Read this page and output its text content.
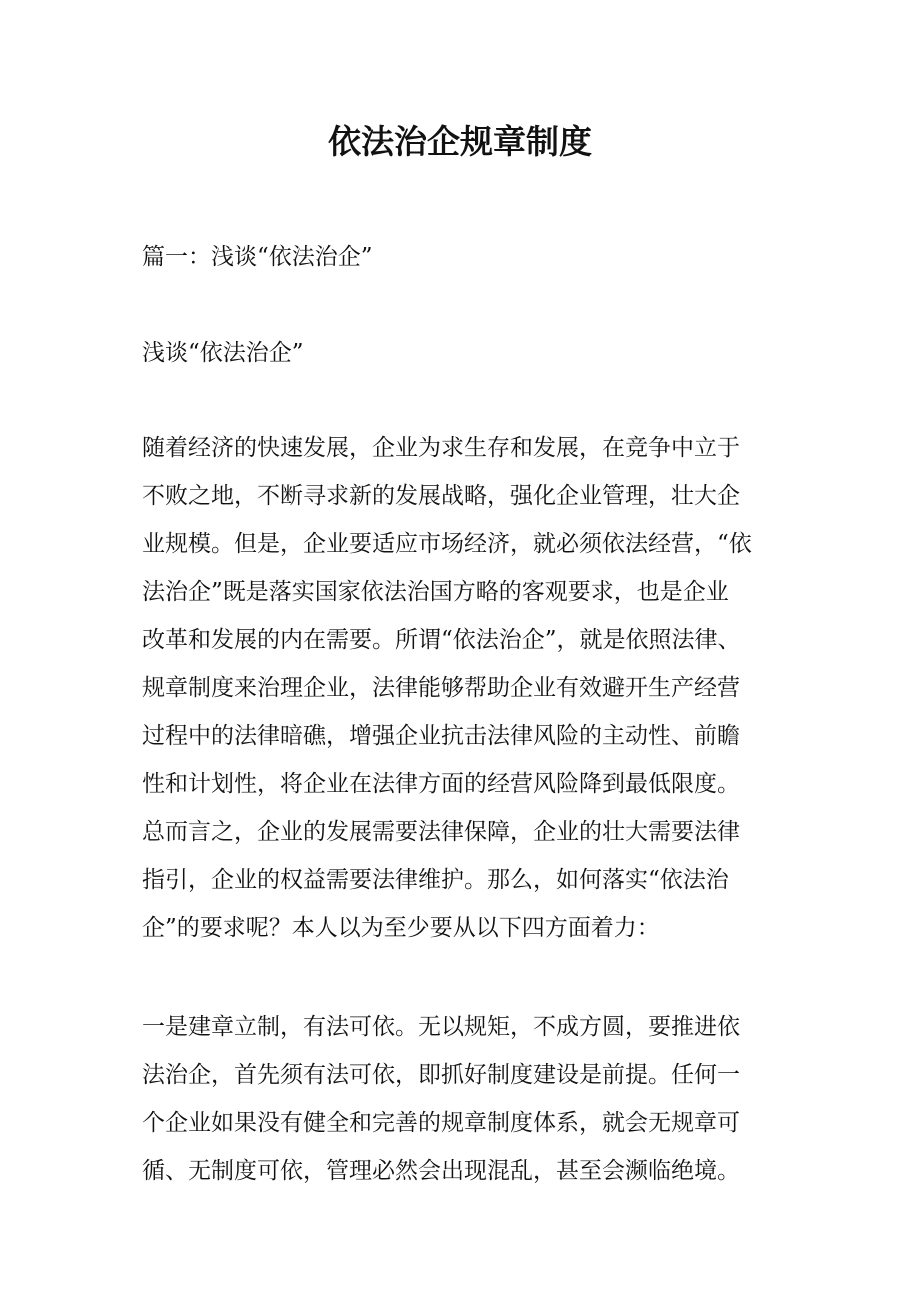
依法治企规章制度

篇一：浅谈“依法治企”

浅谈“依法治企”

随着经济的快速发展，企业为求生存和发展，在竞争中立于
不败之地，不断寻求新的发展战略，强化企业管理，壮大企
业规模。但是，企业要适应市场经济，就必须依法经营，“依
法治企”既是落实国家依法治国方略的客观要求，也是企业
改革和发展的内在需要。所谓“依法治企”，就是依照法律、
规章制度来治理企业，法律能够帮助企业有效避开生产经营
过程中的法律暗礁，增强企业抗击法律风险的主动性、前瞻
性和计划性，将企业在法律方面的经营风险降到最低限度。
总而言之，企业的发展需要法律保障，企业的壮大需要法律
指引，企业的权益需要法律维护。那么，如何落实“依法治
企”的要求呢？本人以为至少要从以下四方面着力：

一是建章立制，有法可依。无以规矩，不成方圆，要推进依
法治企，首先须有法可依，即抓好制度建设是前提。任何一
个企业如果没有健全和完善的规章制度体系，就会无规章可
循、无制度可依，管理必然会出现混乱，甚至会濒临绝境。
